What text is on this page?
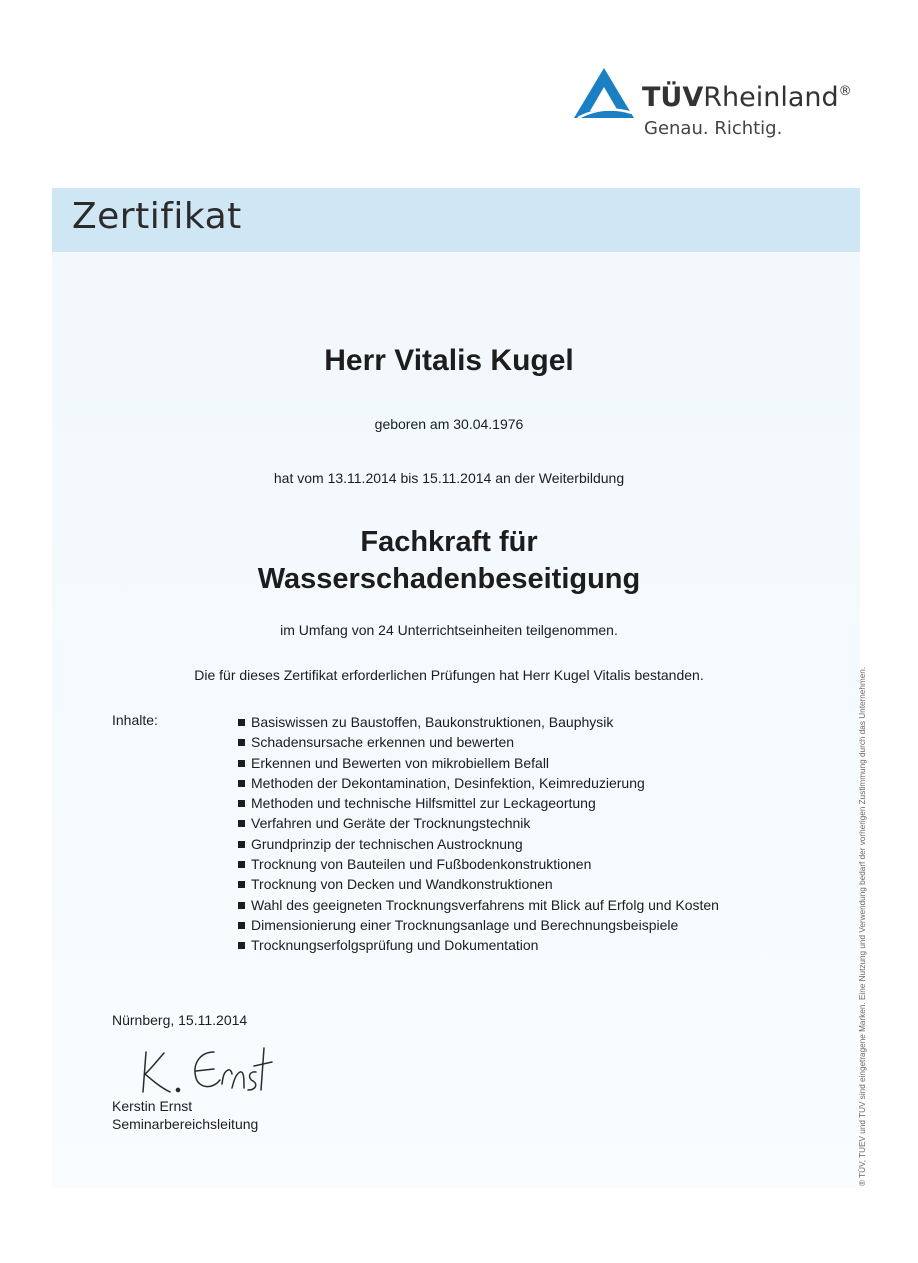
TÜVRheinland®
Genau. Richtig.
Zertifikat
Herr Vitalis Kugel
geboren am 30.04.1976
hat vom 13.11.2014 bis 15.11.2014 an der Weiterbildung
Fachkraft für
Wasserschadenbeseitigung
im Umfang von 24 Unterrichtseinheiten teilgenommen.
Die für dieses Zertifikat erforderlichen Prüfungen hat Herr Kugel Vitalis bestanden.
Inhalte:	Basiswissen zu Baustoffen, Baukonstruktionen, Bauphysik
Schadensursache erkennen und bewerten
Erkennen und Bewerten von mikrobiellem Befall
Methoden der Dekontamination, Desinfektion, Keimreduzierung
Methoden und technische Hilfsmittel zur Leckageortung
Verfahren und Geräte der Trocknungstechnik
Grundprinzip der technischen Austrocknung
Trocknung von Bauteilen und Fußbodenkonstruktionen
Trocknung von Decken und Wandkonstruktionen
Wahl des geeigneten Trocknungsverfahrens mit Blick auf Erfolg und Kosten
Dimensionierung einer Trocknungsanlage und Berechnungsbeispiele
Trocknungserfolgsprüfung und Dokumentation
Nürnberg, 15.11.2014
Kerstin Ernst
Seminarbereichsleitung	® TÜV, TUEV und TUV sind eingetragene Marken. Eine Nutzung und Verwendung bedarf der vorherigen Zustimmung durch das Unternehmen.
